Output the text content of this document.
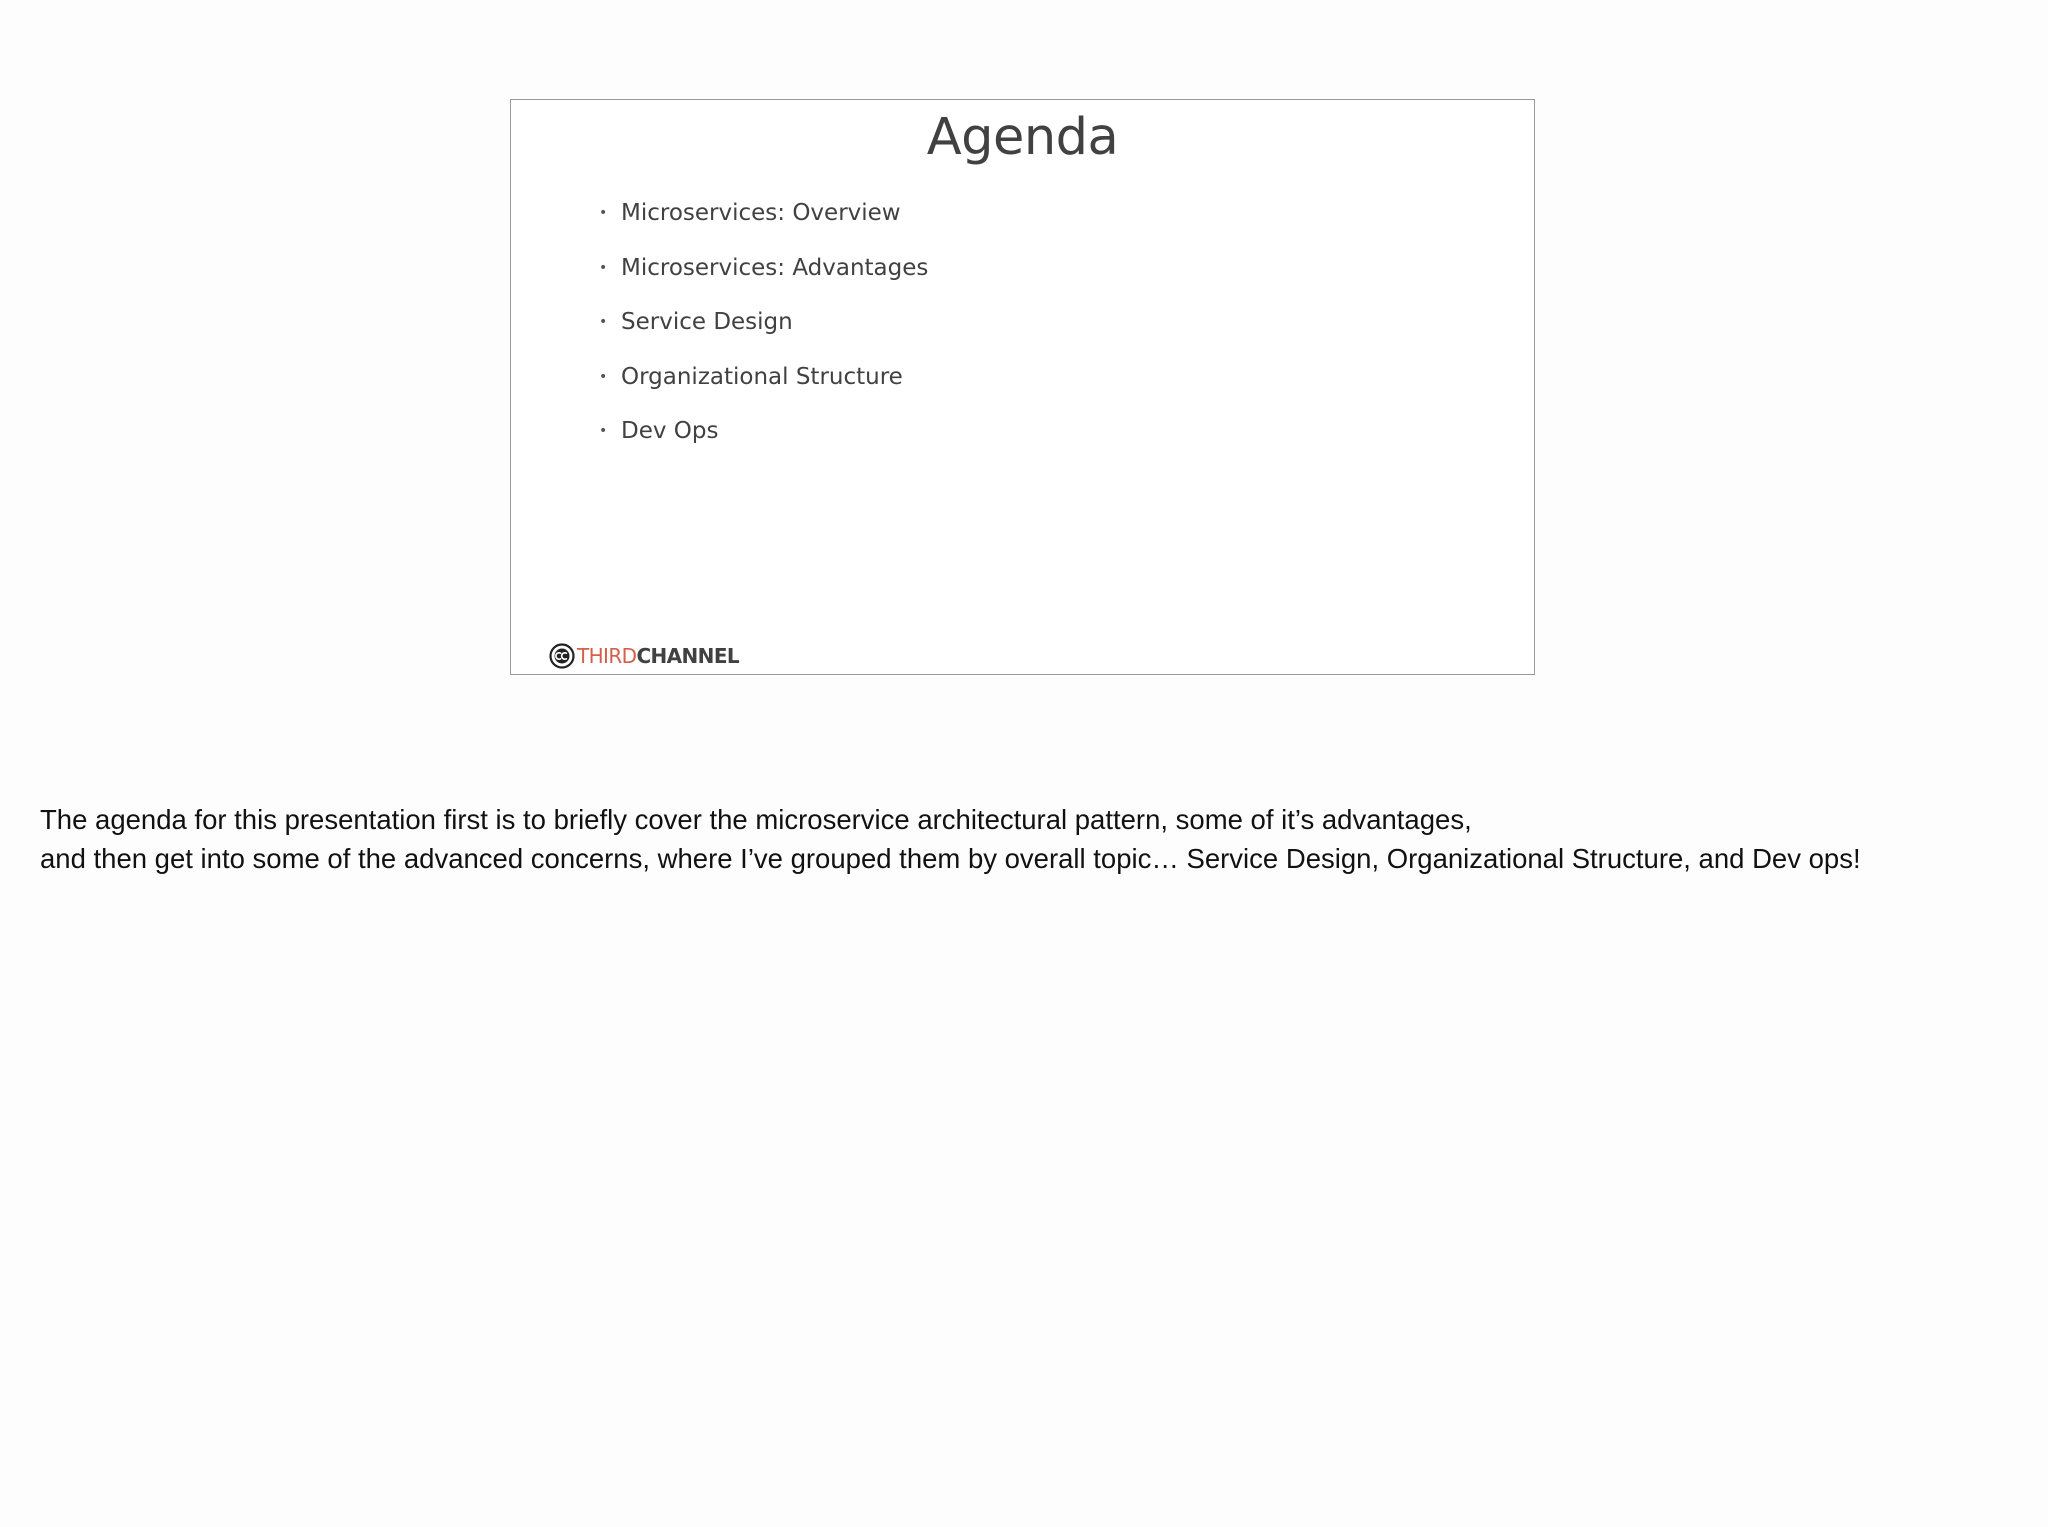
Agenda
• Microservices: Overview
• Microservices: Advantages
• Service Design
• Organizational Structure
• Dev Ops
THIRD CHANNEL
The agenda for this presentation first is to briefly cover the microservice architectural pattern, some of it’s advantages,
and then get into some of the advanced concerns, where I’ve grouped them by overall topic… Service Design, Organizational Structure, and Dev ops!
